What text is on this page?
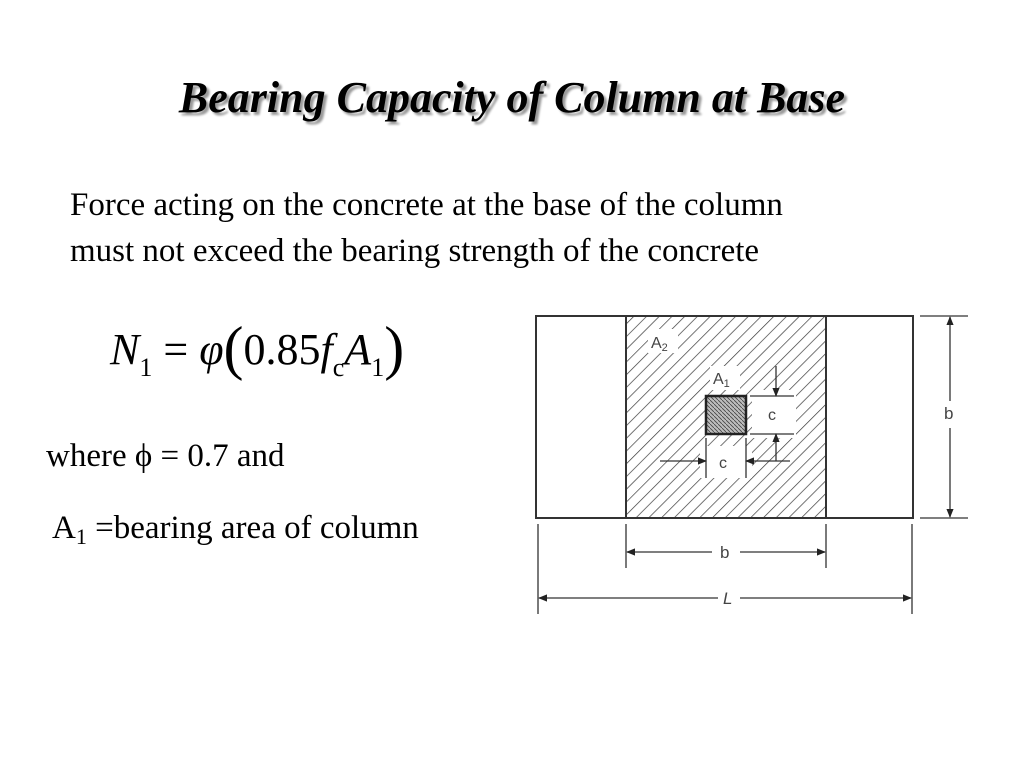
Bearing Capacity of Column at Base
Force acting on the concrete at the base of the column
must not exceed the bearing strength of the concrete
$N_1 = \varphi(0.85f_cA_1)$
where ϕ = 0.7 and
A1 =bearing area of column
A2
A1
c
c
b
b
L
